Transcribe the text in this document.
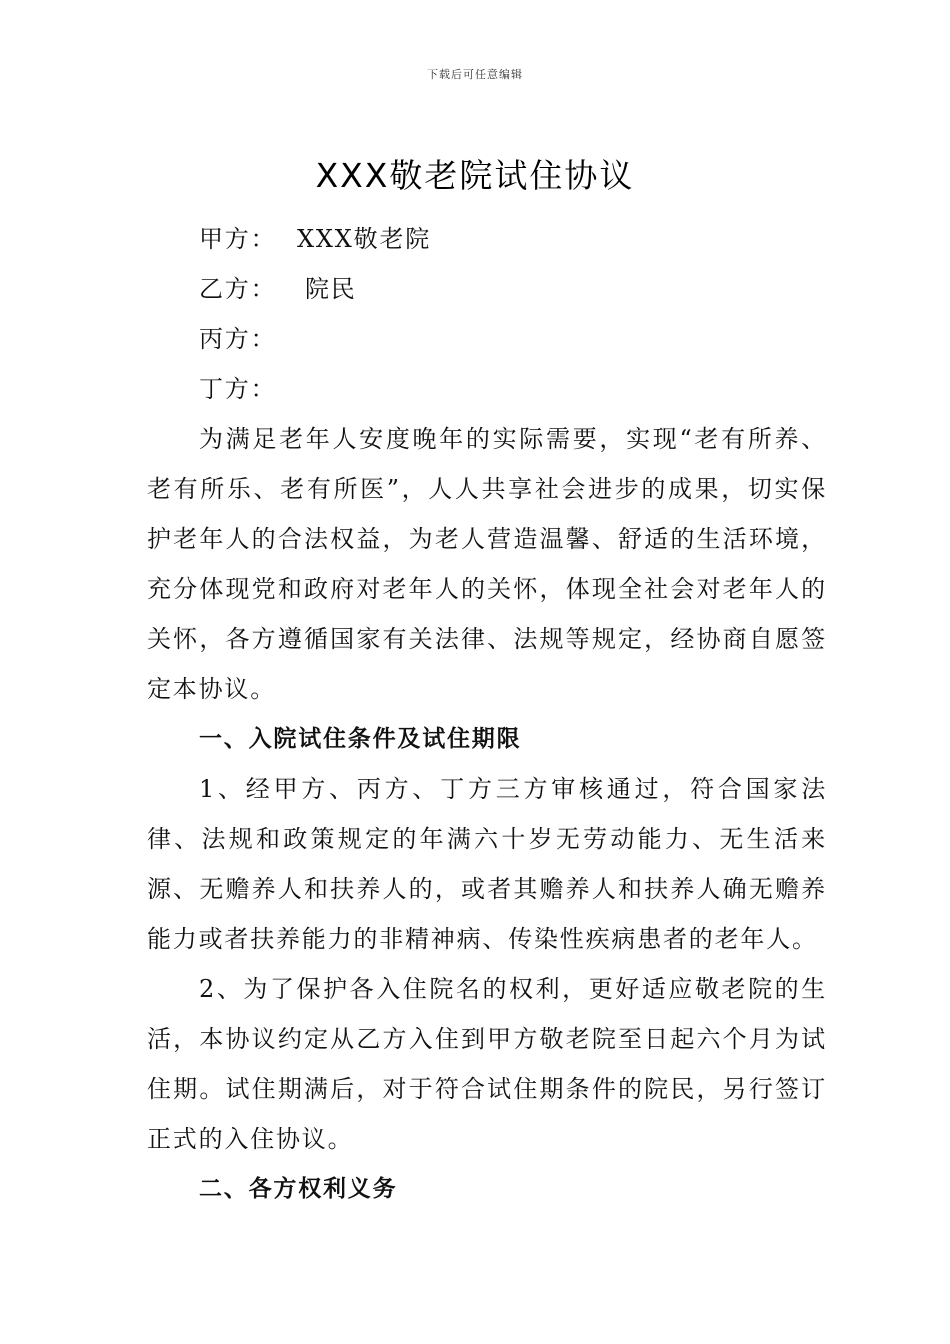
下载后可任意编辑
XXX敬老院试住协议
甲方： XXX敬老院
乙方： 院民
丙方：
丁方：

为满足老年人安度晚年的实际需要，实现“老有所养、老有所乐、老有所医”，人人共享社会进步的成果，切实保护老年人的合法权益，为老人营造温馨、舒适的生活环境，充分体现党和政府对老年人的关怀，体现全社会对老年人的关怀，各方遵循国家有关法律、法规等规定，经协商自愿签定本协议。

一、入院试住条件及试住期限

1、经甲方、丙方、丁方三方审核通过，符合国家法律、法规和政策规定的年满六十岁无劳动能力、无生活来源、无赡养人和扶养人的，或者其赡养人和扶养人确无赡养能力或者扶养能力的非精神病、传染性疾病患者的老年人。

2、为了保护各入住院名的权利，更好适应敬老院的生活，本协议约定从乙方入住到甲方敬老院至日起六个月为试住期。试住期满后，对于符合试住期条件的院民，另行签订正式的入住协议。

二、各方权利义务
